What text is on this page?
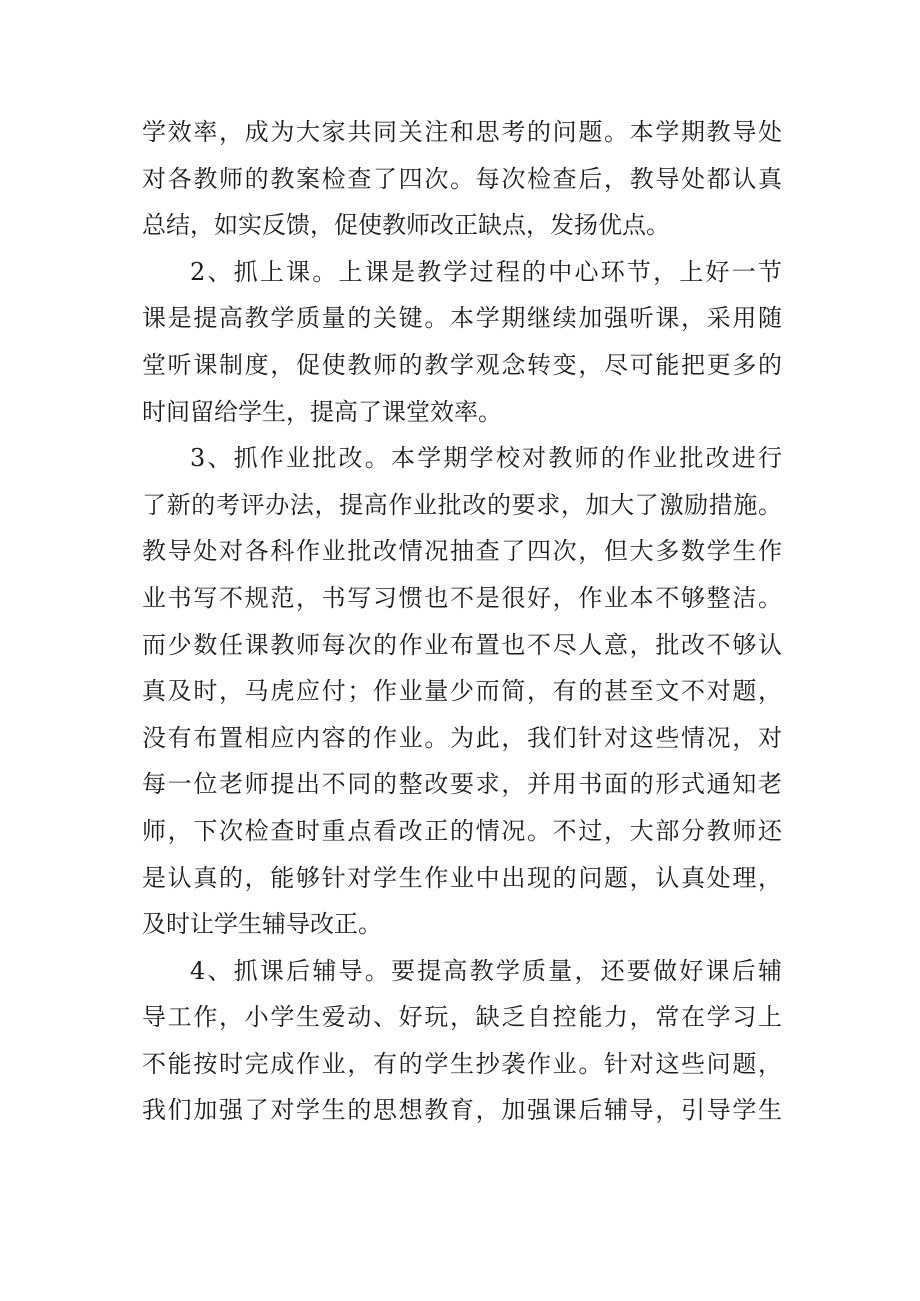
学效率，成为大家共同关注和思考的问题。本学期教导处
对各教师的教案检查了四次。每次检查后，教导处都认真
总结，如实反馈，促使教师改正缺点，发扬优点。
2、抓上课。上课是教学过程的中心环节，上好一节
课是提高教学质量的关键。本学期继续加强听课，采用随
堂听课制度，促使教师的教学观念转变，尽可能把更多的
时间留给学生，提高了课堂效率。
3、抓作业批改。本学期学校对教师的作业批改进行
了新的考评办法，提高作业批改的要求，加大了激励措施。
教导处对各科作业批改情况抽查了四次，但大多数学生作
业书写不规范，书写习惯也不是很好，作业本不够整洁。
而少数任课教师每次的作业布置也不尽人意，批改不够认
真及时，马虎应付；作业量少而简，有的甚至文不对题，
没有布置相应内容的作业。为此，我们针对这些情况，对
每一位老师提出不同的整改要求，并用书面的形式通知老
师，下次检查时重点看改正的情况。不过，大部分教师还
是认真的，能够针对学生作业中出现的问题，认真处理，
及时让学生辅导改正。
4、抓课后辅导。要提高教学质量，还要做好课后辅
导工作，小学生爱动、好玩，缺乏自控能力，常在学习上
不能按时完成作业，有的学生抄袭作业。针对这些问题，
我们加强了对学生的思想教育，加强课后辅导，引导学生
